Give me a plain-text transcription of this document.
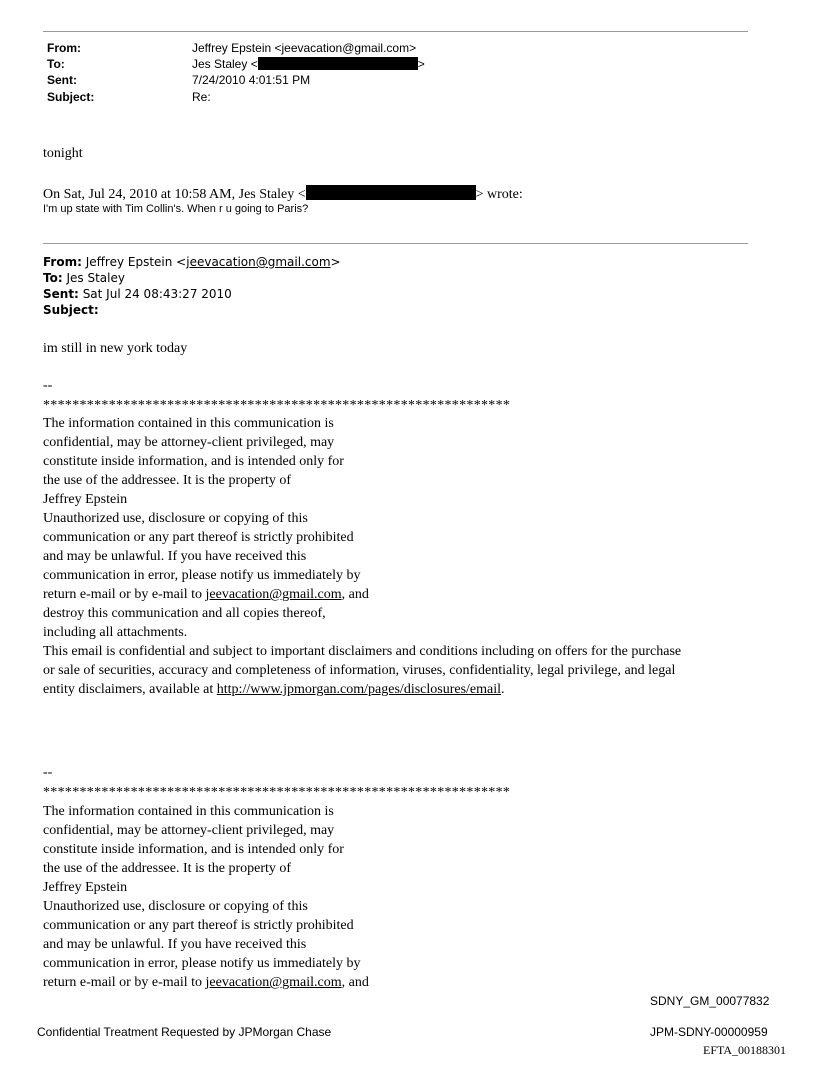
From:	Jeffrey Epstein <jeevacation@gmail.com>
To:	Jes Staley <	>
Sent:	7/24/2010 4:01:51 PM
Subject:	Re:
tonight
On Sat, Jul 24, 2010 at 10:58 AM, Jes Staley <	> wrote:
I'm up state with Tim Collin's. When r u going to Paris?
From: Jeffrey Epstein <jeevacation@gmail.com>
To: Jes Staley
Sent: Sat Jul 24 08:43:27 2010
Subject:
im still in new york today
--
****************************************************************
The information contained in this communication is
confidential, may be attorney-client privileged, may
constitute inside information, and is intended only for
the use of the addressee. It is the property of
Jeffrey Epstein
Unauthorized use, disclosure or copying of this
communication or any part thereof is strictly prohibited
and may be unlawful. If you have received this
communication in error, please notify us immediately by
return e-mail or by e-mail to jeevacation@gmail.com, and
destroy this communication and all copies thereof,
including all attachments.
This email is confidential and subject to important disclaimers and conditions including on offers for the purchase
or sale of securities, accuracy and completeness of information, viruses, confidentiality, legal privilege, and legal
entity disclaimers, available at http://www.jpmorgan.com/pages/disclosures/email.
--
****************************************************************
The information contained in this communication is
confidential, may be attorney-client privileged, may
constitute inside information, and is intended only for
the use of the addressee. It is the property of
Jeffrey Epstein
Unauthorized use, disclosure or copying of this
communication or any part thereof is strictly prohibited
and may be unlawful. If you have received this
communication in error, please notify us immediately by
return e-mail or by e-mail to jeevacation@gmail.com, and
SDNY_GM_00077832
Confidential Treatment Requested by JPMorgan Chase	JPM-SDNY-00000959
EFTA_00188301
